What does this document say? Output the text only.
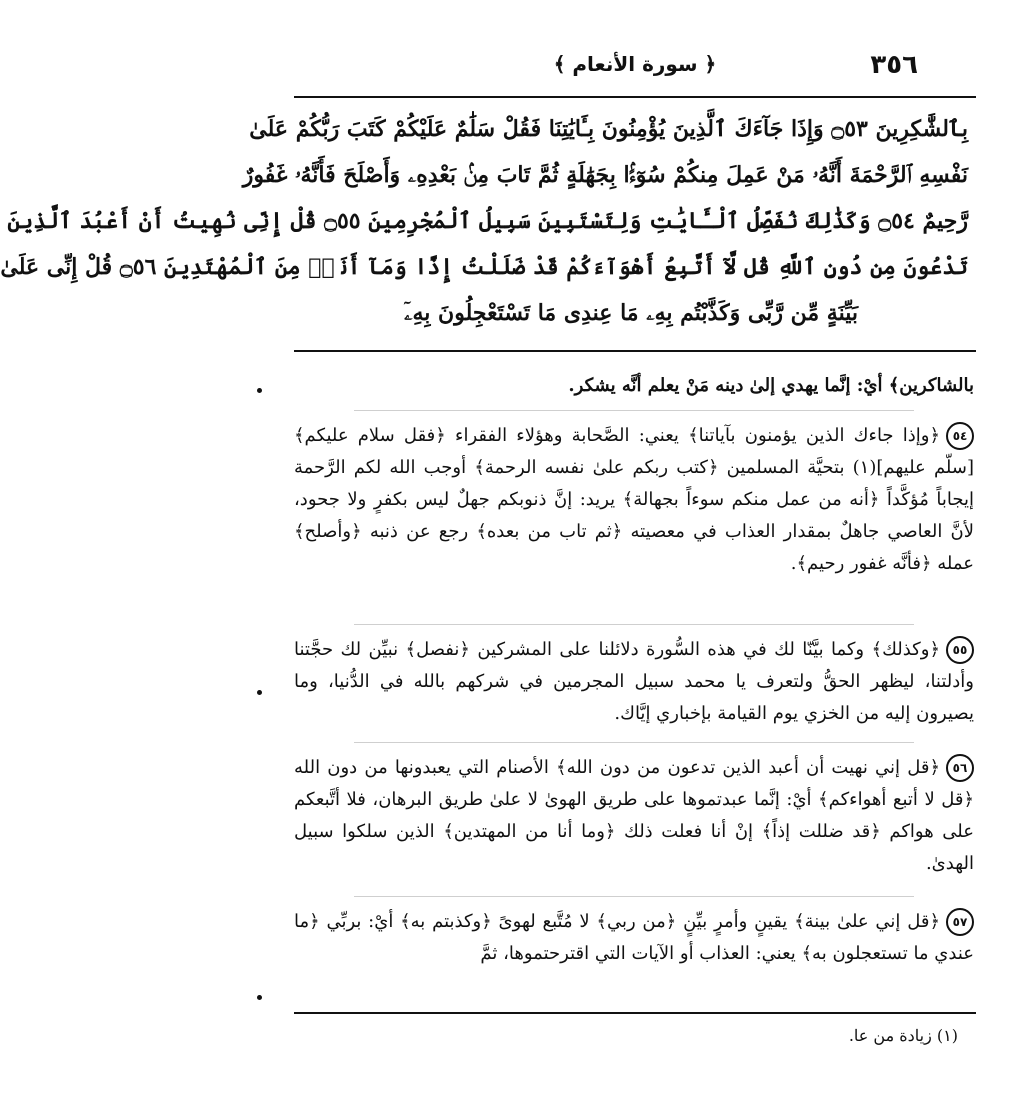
٣٥٦
﴿ سورة الأنعام ﴾
بِٱلشَّٰكِرِينَ ۝٥٣ وَإِذَا جَآءَكَ ٱلَّذِينَ يُؤْمِنُونَ بِـَٔايَٰتِنَا فَقُلْ سَلَٰمٌ عَلَيْكُمْ كَتَبَ رَبُّكُمْ عَلَىٰ
نَفْسِهِ ٱلرَّحْمَةَ أَنَّهُۥ مَنْ عَمِلَ مِنكُمْ سُوٓءًۢا بِجَهَٰلَةٍ ثُمَّ تَابَ مِنۢ بَعْدِهِۦ وَأَصْلَحَ فَأَنَّهُۥ غَفُورٌ
رَّحِيمٌ ۝٥٤ وَكَذَٰلِكَ نُفَصِّلُ ٱلْـَٔايَٰتِ وَلِتَسْتَبِينَ سَبِيلُ ٱلْمُجْرِمِينَ ۝٥٥ قُلْ إِنِّى نُهِيتُ أَنْ أَعْبُدَ ٱلَّذِينَ
تَدْعُونَ مِن دُونِ ٱللَّهِ قُل لَّآ أَتَّبِعُ أَهْوَآءَكُمْ قَدْ ضَلَلْتُ إِذًا وَمَآ أَنَا۠ مِنَ ٱلْمُهْتَدِينَ ۝٥٦ قُلْ إِنِّى عَلَىٰ
بَيِّنَةٍ مِّن رَّبِّى وَكَذَّبْتُم بِهِۦ مَا عِندِى مَا تَسْتَعْجِلُونَ بِهِۦٓ

بالشاكرين﴾ أيْ: إنَّما يهدي إلىٰ دينه مَنْ يعلم أنَّه يشكر.

٥٤﴿وإذا جاءك الذين يؤمنون بآياتنا﴾ يعني: الصَّحابة وهؤلاء الفقراء ﴿فقل سلام عليكم﴾ [سلّم عليهم](١) بتحيَّة المسلمين ﴿كتب ربكم علىٰ نفسه الرحمة﴾ أوجب الله لكم الرَّحمة إيجاباً مُؤكَّداً ﴿أنه من عمل منكم سوءاً بجهالة﴾ يريد: إنَّ ذنوبكم جهلٌ ليس بكفرٍ ولا جحود، لأنَّ العاصي جاهلٌ بمقدار العذاب في معصيته ﴿ثم تاب من بعده﴾ رجع عن ذنبه ﴿وأصلح﴾ عمله ﴿فأنَّه غفور رحيم﴾.

٥٥﴿وكذلك﴾ وكما بيَّنّا لك في هذه السُّورة دلائلنا على المشركين ﴿نفصل﴾ نبيِّن لك حجَّتنا وأدلتنا، ليظهر الحقُّ ولتعرف يا محمد سبيل المجرمين في شركهم بالله في الدُّنيا، وما يصيرون إليه من الخزي يوم القيامة بإخباري إيَّاك.

٥٦﴿قل إني نهيت أن أعبد الذين تدعون من دون الله﴾ الأصنام التي يعبدونها من دون الله ﴿قل لا أتبع أهواءكم﴾ أيْ: إنَّما عبدتموها على طريق الهوىٰ لا علىٰ طريق البرهان، فلا أتَّبعكم على هواكم ﴿قد ضللت إذاً﴾ إنْ أنا فعلت ذلك ﴿وما أنا من المهتدين﴾ الذين سلكوا سبيل الهدىٰ.

٥٧﴿قل إني علىٰ بينة﴾ يقينٍ وأمرٍ بيِّنٍ ﴿من ربي﴾ لا مُتَّبع لهوىً ﴿وكذبتم به﴾ أيْ: بربِّي ﴿ما عندي ما تستعجلون به﴾ يعني: العذاب أو الآيات التي اقترحتموها، ثمَّ

(١) زيادة من عا.
